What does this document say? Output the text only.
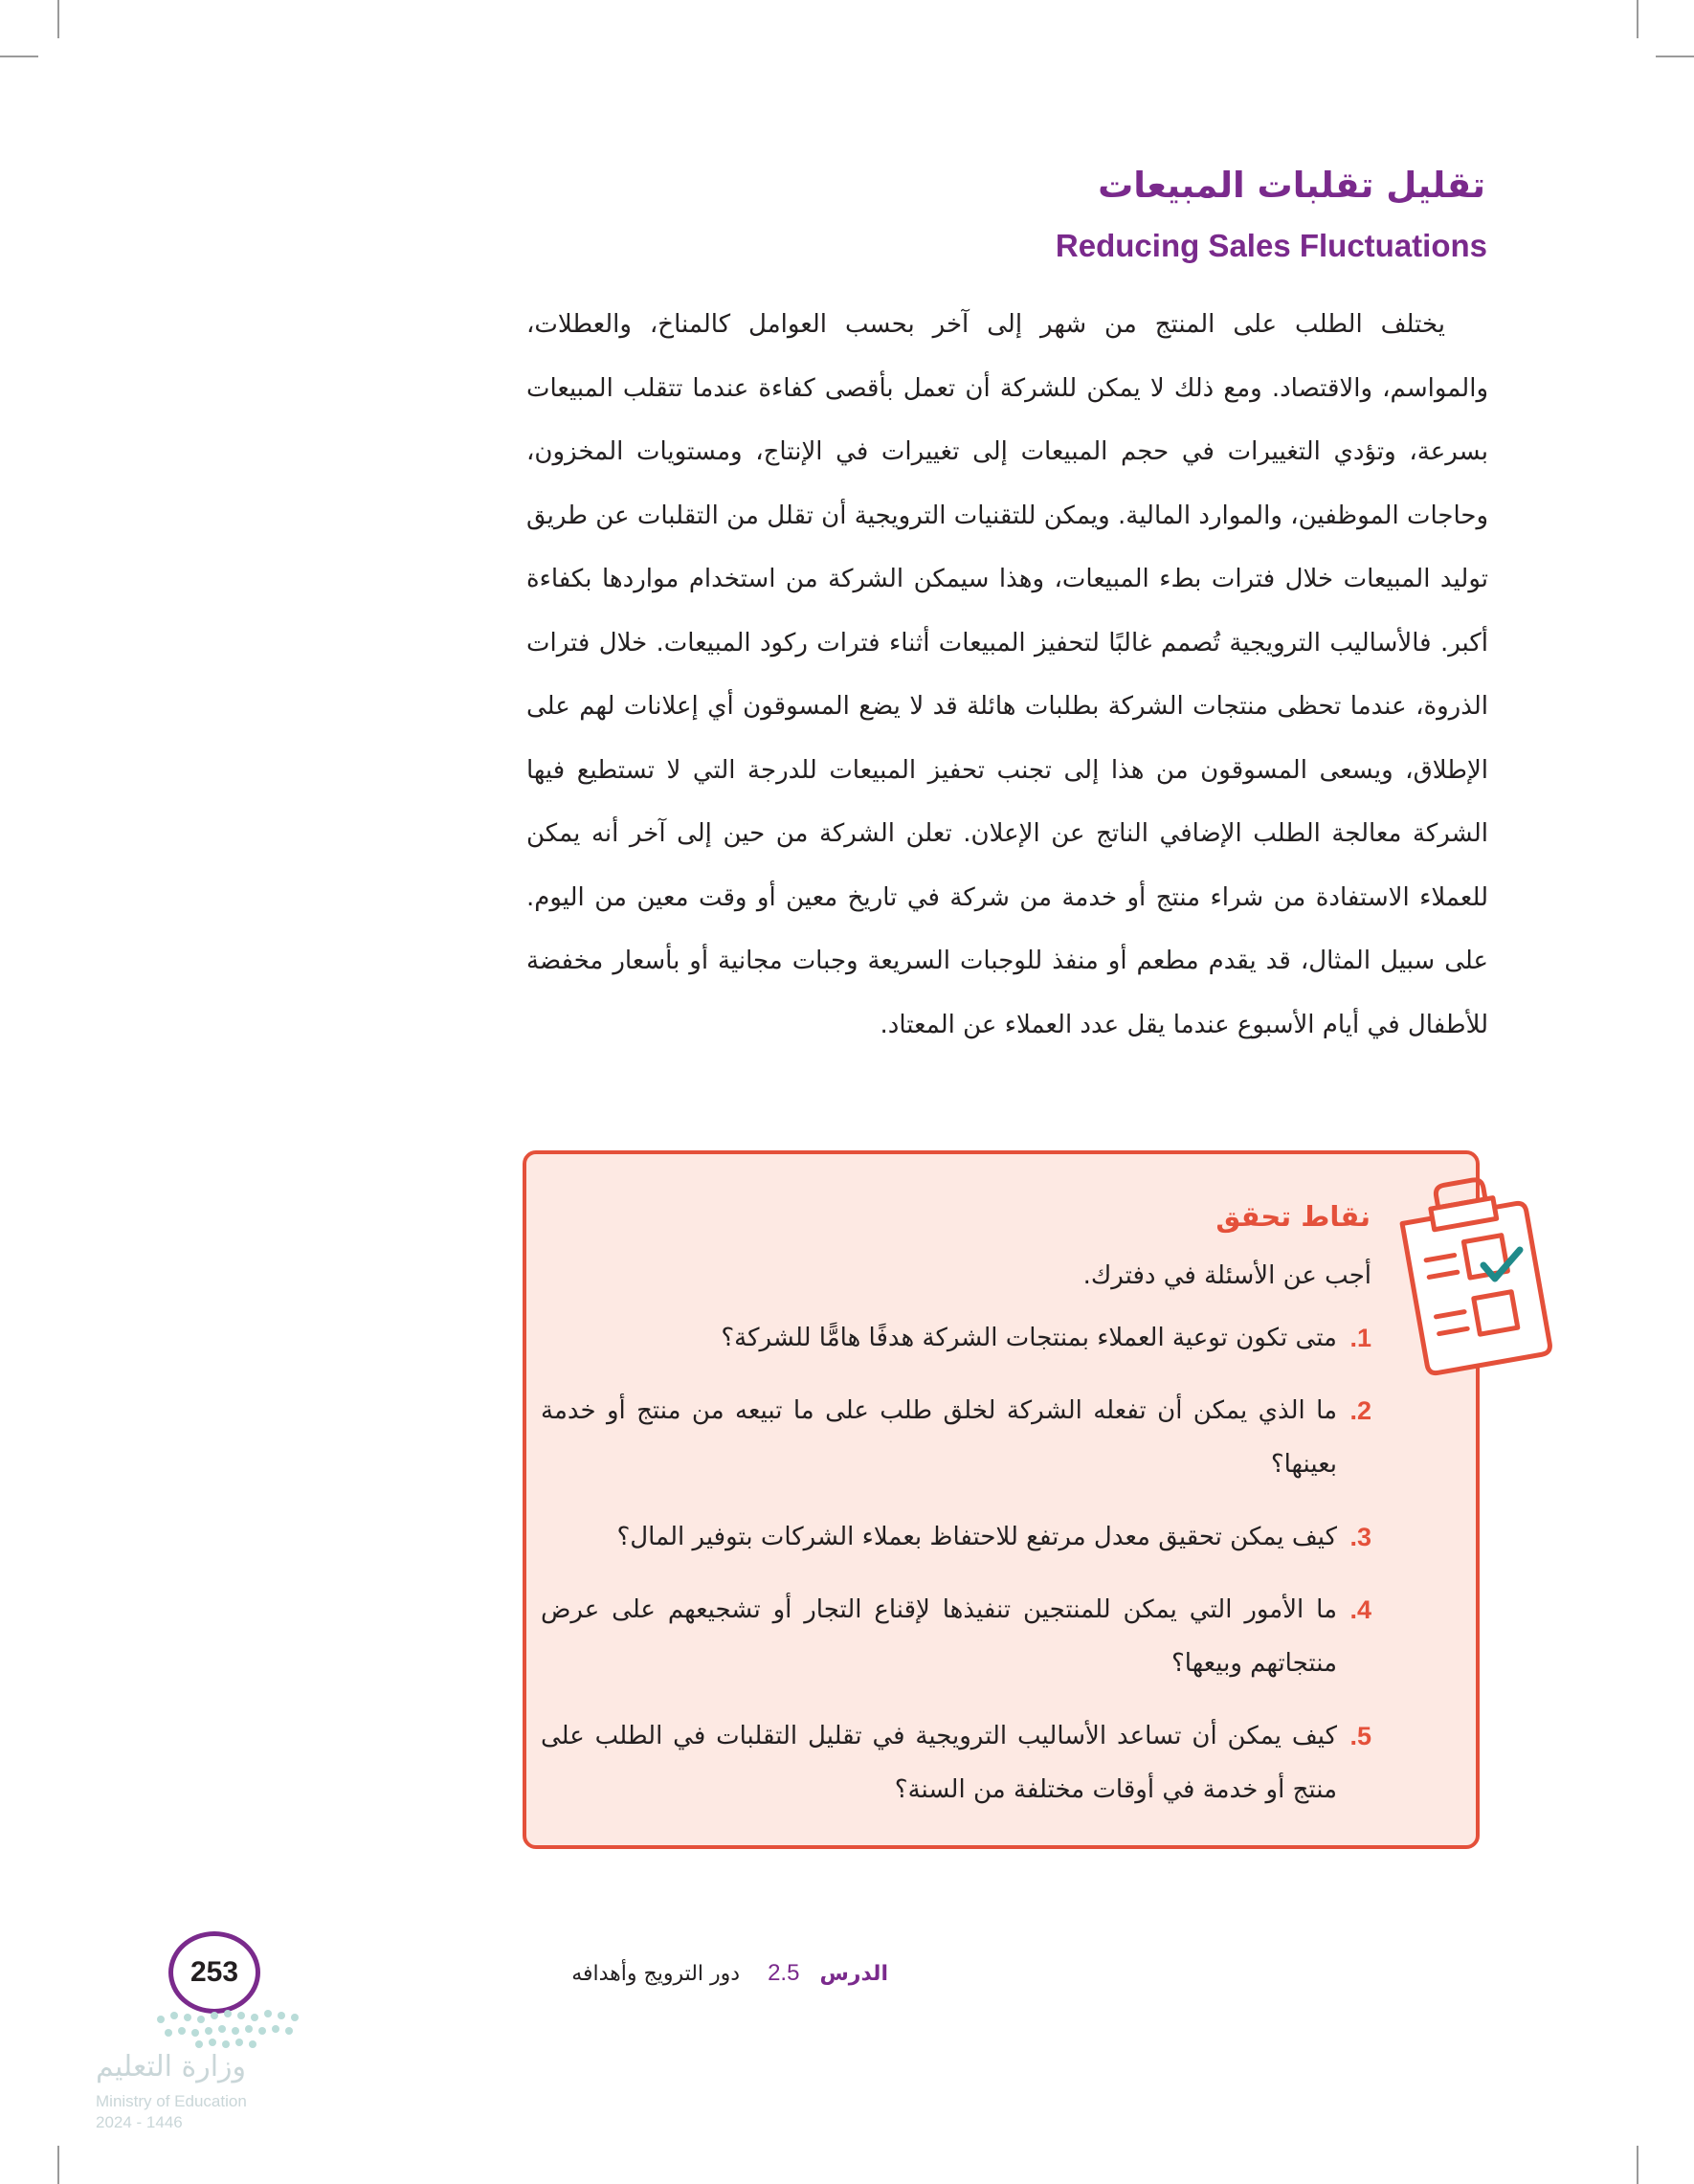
تقليل تقلبات المبيعات
Reducing Sales Fluctuations

يختلف الطلب على المنتج من شهر إلى آخر بحسب العوامل كالمناخ، والعطلات، والمواسم، والاقتصاد. ومع ذلك لا يمكن للشركة أن تعمل بأقصى كفاءة عندما تتقلب المبيعات بسرعة، وتؤدي التغييرات في حجم المبيعات إلى تغييرات في الإنتاج، ومستويات المخزون، وحاجات الموظفين، والموارد المالية. ويمكن للتقنيات الترويجية أن تقلل من التقلبات عن طريق توليد المبيعات خلال فترات بطء المبيعات، وهذا سيمكن الشركة من استخدام مواردها بكفاءة أكبر. فالأساليب الترويجية تُصمم غالبًا لتحفيز المبيعات أثناء فترات ركود المبيعات. خلال فترات الذروة، عندما تحظى منتجات الشركة بطلبات هائلة قد لا يضع المسوقون أي إعلانات لهم على الإطلاق، ويسعى المسوقون من هذا إلى تجنب تحفيز المبيعات للدرجة التي لا تستطيع فيها الشركة معالجة الطلب الإضافي الناتج عن الإعلان. تعلن الشركة من حين إلى آخر أنه يمكن للعملاء الاستفادة من شراء منتج أو خدمة من شركة في تاريخ معين أو وقت معين من اليوم. على سبيل المثال، قد يقدم مطعم أو منفذ للوجبات السريعة وجبات مجانية أو بأسعار مخفضة للأطفال في أيام الأسبوع عندما يقل عدد العملاء عن المعتاد.

نقاط تحقق

أجب عن الأسئلة في دفترك.

1.
متى تكون توعية العملاء بمنتجات الشركة هدفًا هامًّا للشركة؟
2.
ما الذي يمكن أن تفعله الشركة لخلق طلب على ما تبيعه من منتج أو خدمة بعينها؟
3.
كيف يمكن تحقيق معدل مرتفع للاحتفاظ بعملاء الشركات بتوفير المال؟
4.
ما الأمور التي يمكن للمنتجين تنفيذها لإقناع التجار أو تشجيعهم على عرض منتجاتهم وبيعها؟
5.
كيف يمكن أن تساعد الأساليب الترويجية في تقليل التقلبات في الطلب على منتج أو خدمة في أوقات مختلفة من السنة؟
253	الدرس 2.5 دور الترويج وأهدافه
وزارة التعليم
Ministry of Education
2024 - 1446
